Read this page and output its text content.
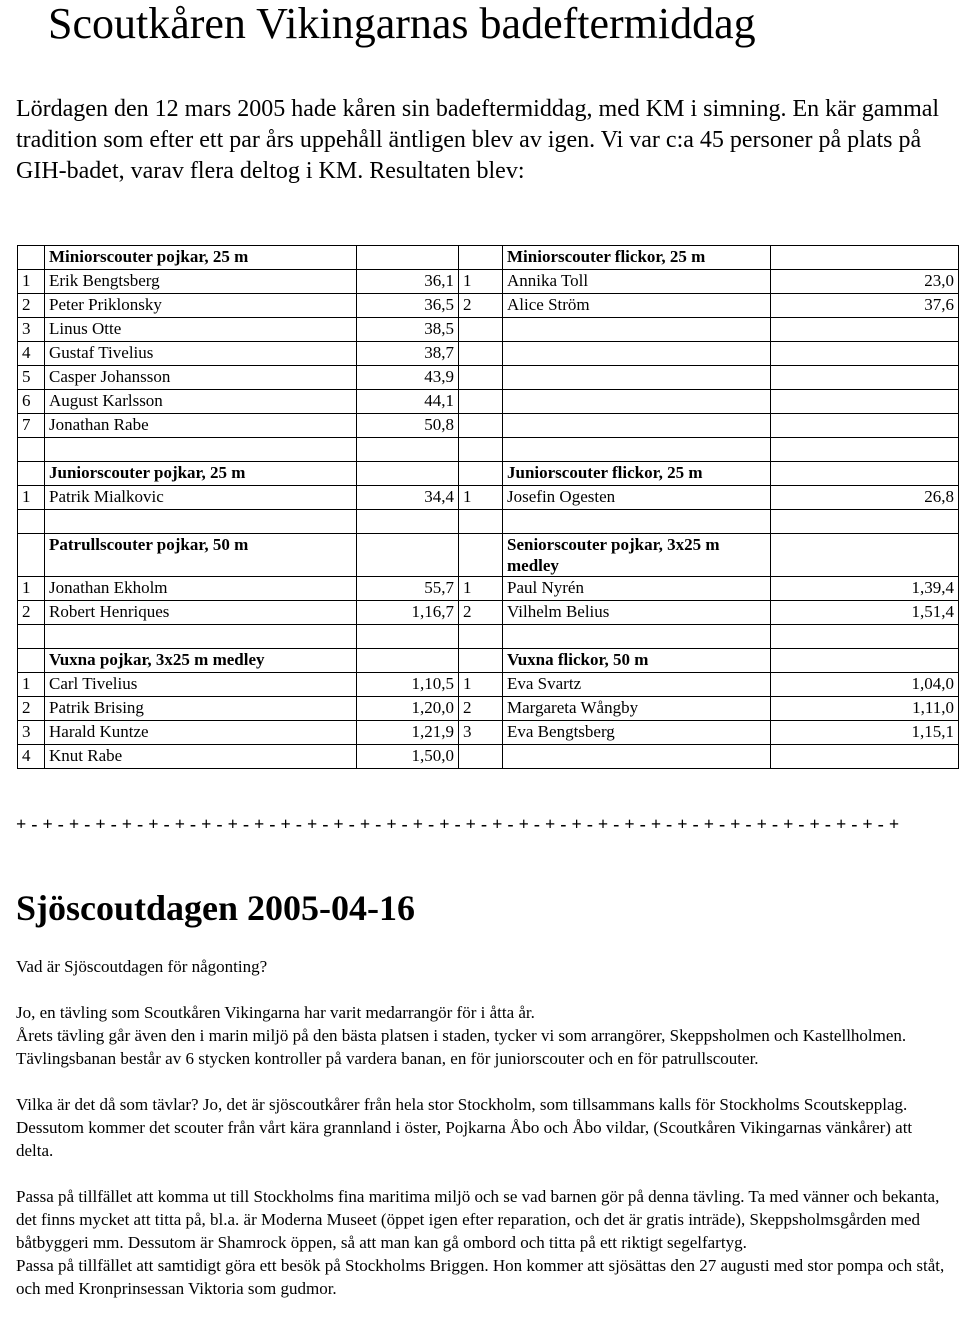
Scoutkåren Vikingarnas badeftermiddag

Lördagen den 12 mars 2005 hade kåren sin badeftermiddag, med KM i simning. En kär gammal tradition som efter ett par års uppehåll äntligen blev av igen. Vi var c:a 45 personer på plats på GIH-badet, varav flera deltog i KM. Resultaten blev:

	Miniorscouter pojkar, 25 m			Miniorscouter flickor, 25 m	
1	Erik Bengtsberg	36,1	1	Annika Toll	23,0
2	Peter Priklonsky	36,5	2	Alice Ström	37,6
3	Linus Otte	38,5			
4	Gustaf Tivelius	38,7			
5	Casper Johansson	43,9			
6	August Karlsson	44,1			
7	Jonathan Rabe	50,8			

	Juniorscouter pojkar, 25 m			Juniorscouter flickor, 25 m	
1	Patrik Mialkovic	34,4	1	Josefin Ogesten	26,8

	Patrullscouter pojkar, 50 m			Seniorscouter pojkar, 3x25 m medley	
1	Jonathan Ekholm	55,7	1	Paul Nyrén	1,39,4
2	Robert Henriques	1,16,7	2	Vilhelm Belius	1,51,4

	Vuxna pojkar, 3x25 m medley			Vuxna flickor, 50 m	
1	Carl Tivelius	1,10,5	1	Eva Svartz	1,04,0
2	Patrik Brising	1,20,0	2	Margareta Wångby	1,11,0
3	Harald Kuntze	1,21,9	3	Eva Bengtsberg	1,15,1
4	Knut Rabe	1,50,0			
+ - + - + - + - + - + - + - + - + - + - + - + - + - + - + - + - + - + - + - + - + - + - + - + - + - + - + - + - + - + - + - + - + - +
Sjöscoutdagen 2005-04-16

Vad är Sjöscoutdagen för någonting?

Jo, en tävling som Scoutkåren Vikingarna har varit medarrangör för i åtta år.

Årets tävling går även den i marin miljö på den bästa platsen i staden, tycker vi som arrangörer, Skeppsholmen och Kastellholmen. Tävlingsbanan består av 6 stycken kontroller på vardera banan, en för juniorscouter och en för patrullscouter.

Vilka är det då som tävlar? Jo, det är sjöscoutkårer från hela stor Stockholm, som tillsammans kalls för Stockholms Scoutskepplag. Dessutom kommer det scouter från vårt kära grannland i öster, Pojkarna Åbo och Åbo vildar, (Scoutkåren Vikingarnas vänkårer) att delta.

Passa på tillfället att komma ut till Stockholms fina maritima miljö och se vad barnen gör på denna tävling. Ta med vänner och bekanta, det finns mycket att titta på, bl.a. är Moderna Museet (öppet igen efter reparation, och det är gratis inträde), Skeppsholmsgården med båtbyggeri mm. Dessutom är Shamrock öppen, så att man kan gå ombord och titta på ett riktigt segelfartyg.

Passa på tillfället att samtidigt göra ett besök på Stockholms Briggen. Hon kommer att sjösättas den 27 augusti med stor pompa och ståt, och med Kronprinsessan Viktoria som gudmor.
